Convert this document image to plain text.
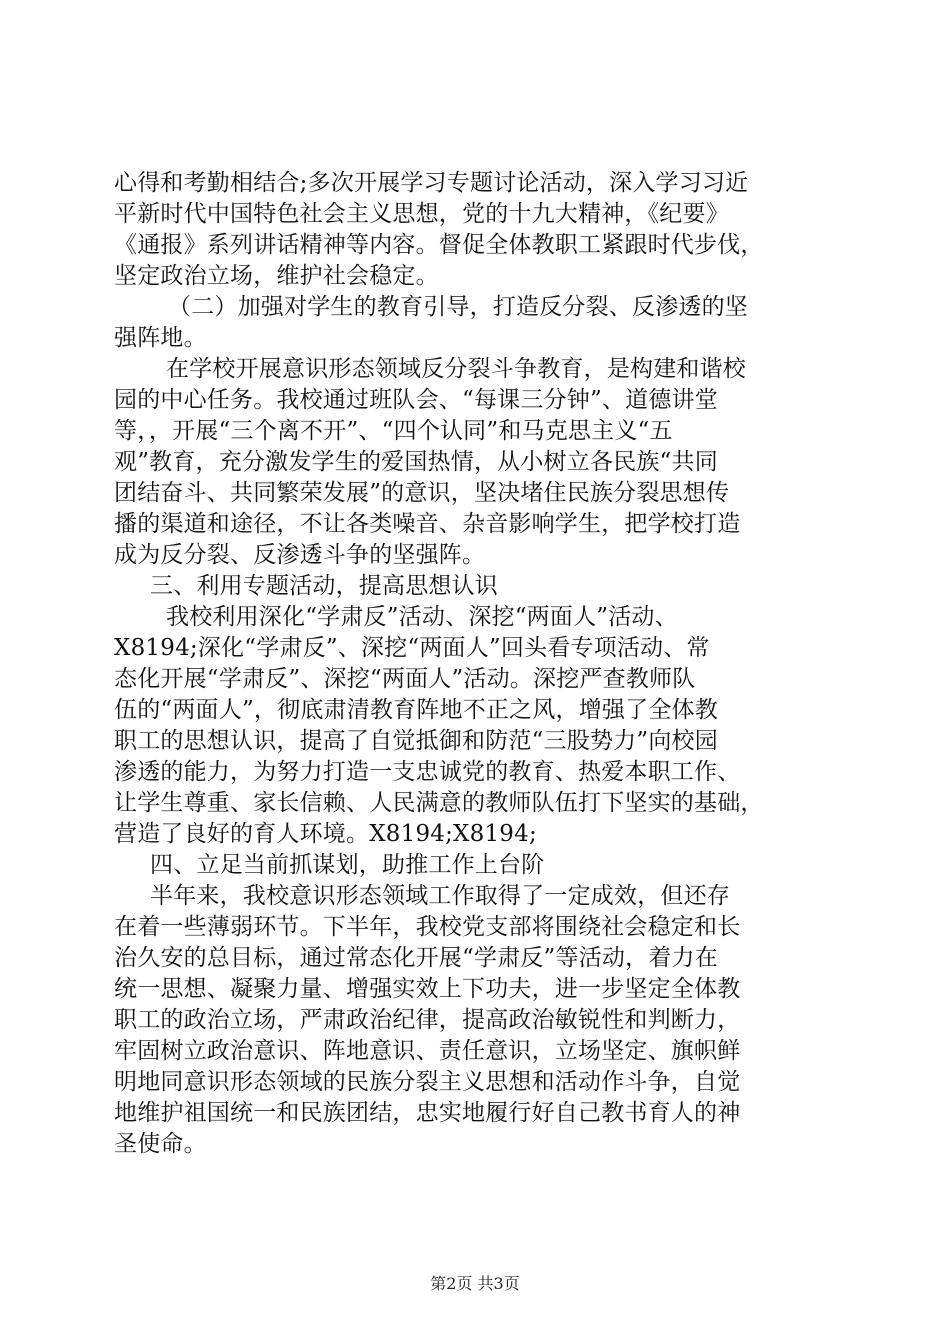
心得和考勤相结合;多次开展学习专题讨论活动，深入学习习近
平新时代中国特色社会主义思想，党的十九大精神，《纪要》
《通报》系列讲话精神等内容。督促全体教职工紧跟时代步伐，
坚定政治立场，维护社会稳定。
（二）加强对学生的教育引导，打造反分裂、反渗透的坚
强阵地。
在学校开展意识形态领域反分裂斗争教育，是构建和谐校
园的中心任务。我校通过班队会、“每课三分钟”、道德讲堂
等，，开展“三个离不开”、“四个认同”和马克思主义“五
观”教育，充分激发学生的爱国热情，从小树立各民族“共同
团结奋斗、共同繁荣发展”的意识，坚决堵住民族分裂思想传
播的渠道和途径，不让各类噪音、杂音影响学生，把学校打造
成为反分裂、反渗透斗争的坚强阵。
三、利用专题活动，提高思想认识
我校利用深化“学肃反”活动、深挖“两面人”活动、
X8194;深化“学肃反”、深挖“两面人”回头看专项活动、常
态化开展“学肃反”、深挖“两面人”活动。深挖严查教师队
伍的“两面人”，彻底肃清教育阵地不正之风，增强了全体教
职工的思想认识，提高了自觉抵御和防范“三股势力”向校园
渗透的能力，为努力打造一支忠诚党的教育、热爱本职工作、
让学生尊重、家长信赖、人民满意的教师队伍打下坚实的基础，
营造了良好的育人环境。X8194;X8194;
四、立足当前抓谋划，助推工作上台阶
半年来，我校意识形态领域工作取得了一定成效，但还存
在着一些薄弱环节。下半年，我校党支部将围绕社会稳定和长
治久安的总目标，通过常态化开展“学肃反”等活动，着力在
统一思想、凝聚力量、增强实效上下功夫，进一步坚定全体教
职工的政治立场，严肃政治纪律，提高政治敏锐性和判断力，
牢固树立政治意识、阵地意识、责任意识，立场坚定、旗帜鲜
明地同意识形态领域的民族分裂主义思想和活动作斗争，自觉
地维护祖国统一和民族团结，忠实地履行好自己教书育人的神
圣使命。
第2页 共3页
